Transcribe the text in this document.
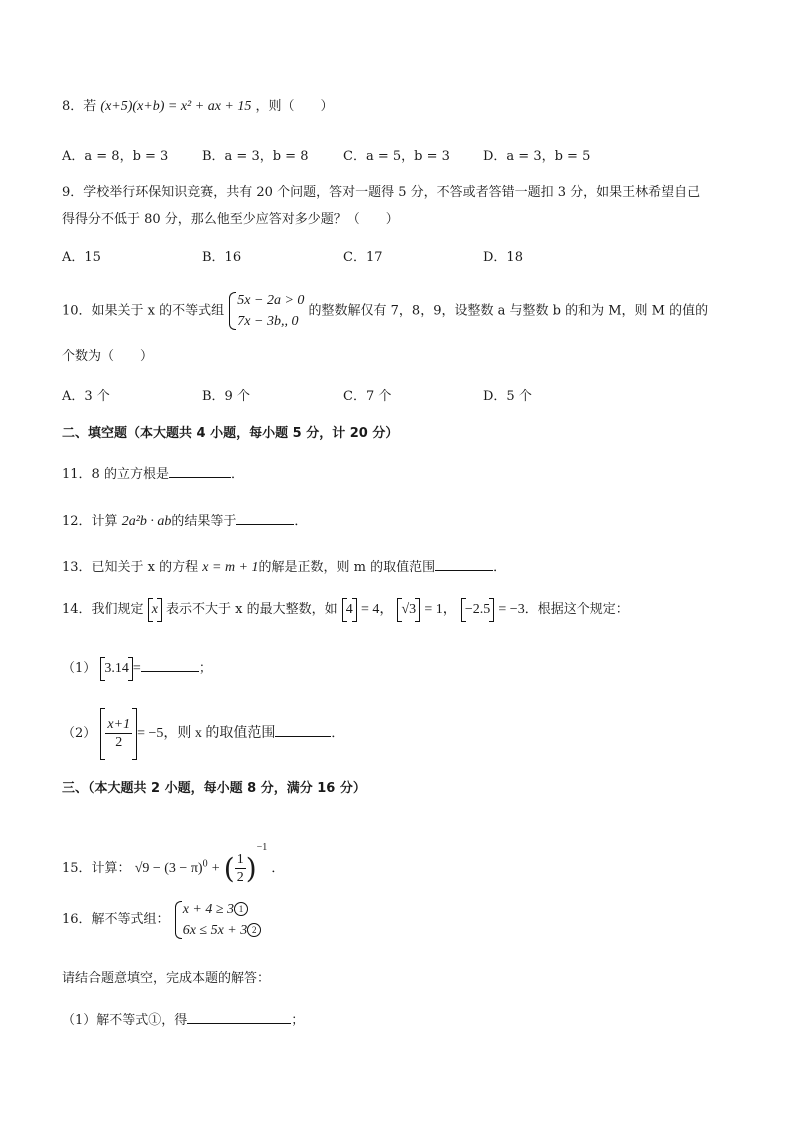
8．若 (x+5)(x+b) = x² + ax + 15 ，则（　　）
A．a = 8，b = 3	B．a = 3，b = 8	C．a = 5，b = 3	D．a = 3，b = 5
9．学校举行环保知识竞赛，共有 20 个问题，答对一题得 5 分，不答或者答错一题扣 3 分，如果王林希望自己
得得分不低于 80 分，那么他至少应答对多少题？（　　）
A．15	B．16	C．17	D．18
10．如果关于 x 的不等式组
5x − 2a > 0
7x − 3b,, 0
的整数解仅有 7，8，9，设整数 a 与整数 b 的和为 M，则 M 的值的
个数为（　　）
A．3 个	B．9 个	C．7 个	D．5 个
二、填空题（本大题共 4 小题，每小题 5 分，计 20 分）
11．8 的立方根是	．
12．计算 2a²b · ab的结果等于	．
13．已知关于 x 的方程 x = m + 1的解是正数，则 m 的取值范围	．
14．我们规定 x 表示不大于 x 的最大整数，如 4 = 4， √3 = 1， −2.5 = −3．根据这个规定：
（1） 3.14 =	；
$(2) \frac{x+1}{2} = -5$，则 x 的取值范围	．
三、（本大题共 2 小题，每小题 8 分，满分 16 分）
15．计算： $√9 - (3 - \pi)^0$ + ( $\frac{1}{2} )^{-1}$ ．
16．解不等式组：
x + 4 ≥ 3 1
6x ≤ 5x + 3 2
请结合题意填空，完成本题的解答：
（1）解不等式①，得	；
